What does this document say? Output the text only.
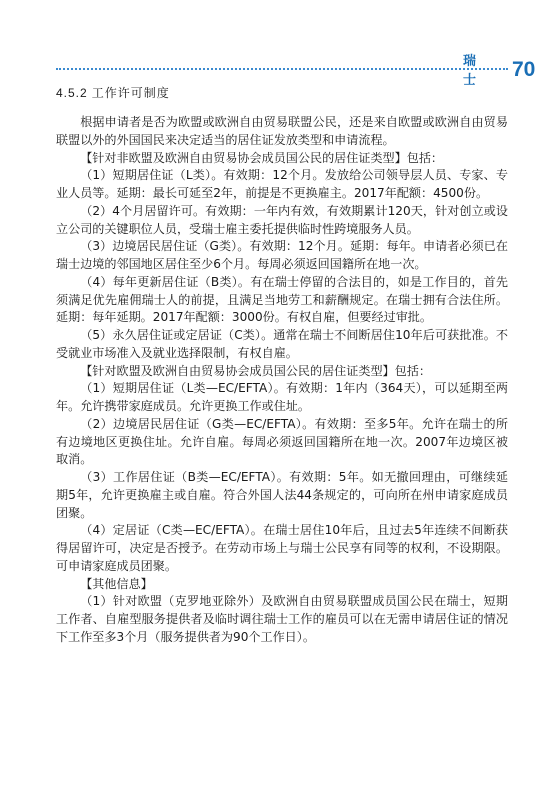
瑞 士	70
4.5.2 工作许可制度

根据申请者是否为欧盟或欧洲自由贸易联盟公民，还是来自欧盟或欧洲自由贸易联盟以外的外国国民来决定适当的居住证发放类型和申请流程。

【针对非欧盟及欧洲自由贸易协会成员国公民的居住证类型】包括：

（1）短期居住证（L类）。有效期：12个月。发放给公司领导层人员、专家、专业人员等。延期：最长可延至2年，前提是不更换雇主。2017年配额：4500份。

（2）4个月居留许可。有效期：一年内有效，有效期累计120天，针对创立或设立公司的关键职位人员，受瑞士雇主委托提供临时性跨境服务人员。

（3）边境居民居住证（G类）。有效期：12个月。延期：每年。申请者必须已在瑞士边境的邻国地区居住至少6个月。每周必须返回国籍所在地一次。

（4）每年更新居住证（B类）。有在瑞士停留的合法目的，如是工作目的，首先须满足优先雇佣瑞士人的前提，且满足当地劳工和薪酬规定。在瑞士拥有合法住所。延期：每年延期。2017年配额：3000份。有权自雇，但要经过审批。

（5）永久居住证或定居证（C类）。通常在瑞士不间断居住10年后可获批准。不受就业市场准入及就业选择限制，有权自雇。

【针对欧盟及欧洲自由贸易协会成员国公民的居住证类型】包括：

（1）短期居住证（L类—EC/EFTA）。有效期：1年内（364天），可以延期至两年。允许携带家庭成员。允许更换工作或住址。

（2）边境居民居住证（G类—EC/EFTA）。有效期：至多5年。允许在瑞士的所有边境地区更换住址。允许自雇。每周必须返回国籍所在地一次。2007年边境区被取消。

（3）工作居住证（B类—EC/EFTA）。有效期：5年。如无撤回理由，可继续延期5年，允许更换雇主或自雇。符合外国人法44条规定的，可向所在州申请家庭成员团聚。

（4）定居证（C类—EC/EFTA）。在瑞士居住10年后，且过去5年连续不间断获得居留许可，决定是否授予。在劳动市场上与瑞士公民享有同等的权利，不设期限。可申请家庭成员团聚。

【其他信息】

（1）针对欧盟（克罗地亚除外）及欧洲自由贸易联盟成员国公民在瑞士，短期工作者、自雇型服务提供者及临时调往瑞士工作的雇员可以在无需申请居住证的情况下工作至多3个月（服务提供者为90个工作日）。
